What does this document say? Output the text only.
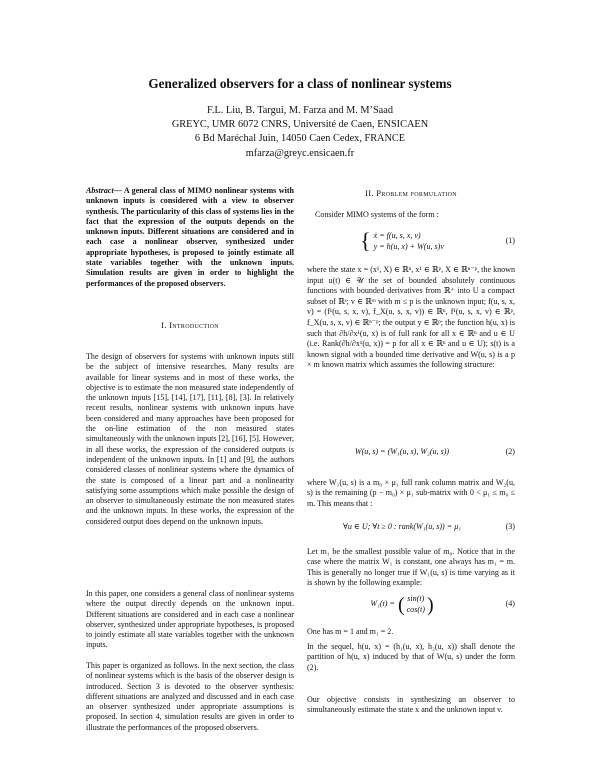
Generalized observers for a class of nonlinear systems
F.L. Liu, B. Targui, M. Farza and M. M’Saad
GREYC, UMR 6072 CNRS, Université de Caen, ENSICAEN
6 Bd Maréchal Juin, 14050 Caen Cedex, FRANCE
mfarza@greyc.ensicaen.fr

Abstract— A general class of MIMO nonlinear systems with unknown inputs is considered with a view to observer synthesis. The particularity of this class of systems lies in the fact that the expression of the outputs depends on the unknown inputs. Different situations are considered and in each case a nonlinear observer, synthesized under appropriate hypotheses, is proposed to jointly estimate all state variables together with the unknown inputs. Simulation results are given in order to highlight the performances of the proposed observers.

I. Introduction

The design of observers for systems with unknown inputs still be the subject of intensive researches. Many results are available for linear systems and in most of these works, the objective is to estimate the non measured state independently of the unknown inputs [15], [14], [17], [11], [8], [3]. In relatively recent results, nonlinear systems with unknown inputs have been considered and many approaches have been proposed for the on-line estimation of the non measured states simultaneously with the unknown inputs [2], [16], [5]. However, in all these works, the expression of the considered outputs is independent of the unknown inputs. In [1] and [9], the authors considered classes of nonlinear systems where the dynamics of the state is composed of a linear part and a nonlinearity satisfying some assumptions which make possible the design of an observer to simultaneously estimate the non measured states and the unknown inputs. In these works, the expression of the considered output does depend on the unknown inputs.

In this paper, one considers a general class of nonlinear systems where the output directly depends on the unknown input. Different situations are considered and in each case a nonlinear observer, synthesized under appropriate hypotheses, is proposed to jointly estimate all state variables together with the unknown inputs.

This paper is organized as follows. In the next section, the class of nonlinear systems which is the basis of the observer design is introduced. Section 3 is devoted to the observer synthesis: different situations are analyzed and discussed and in each case an observer synthesized under appropriate assumptions is proposed. In section 4, simulation results are given in order to illustrate the performances of the proposed observers.

II. Problem formulation

Consider MIMO systems of the form :

{ ẋ = f(u, s, x, v)
y = h(u, x) + W(u, s)v
(1)

where the state x = (x¹, X) ∈ ℝⁿ, x¹ ∈ ℝᵖ, X ∈ ℝⁿ⁻ᵖ, the known input u(t) ∈ 𝒰 the set of bounded absolutely continuous functions with bounded derivatives from ℝ⁺ into U a compact subset of ℝˢ; v ∈ ℝᵐ with m ≤ p is the unknown input; f(u, s, x, v) = (f¹(u, s, x, v), f_X(u, s, x, v)) ∈ ℝⁿ, f¹(u, s, x, v) ∈ ℝᵖ, f_X(u, s, x, v) ∈ ℝⁿ⁻ᵖ; the output y ∈ ℝᵖ; the function h(u, x) is such that ∂h/∂x¹(u, x) is of full rank for all x ∈ ℝⁿ and u ∈ U (i.e. Rank(∂h/∂x¹(u, x)) = p for all x ∈ ℝⁿ and u ∈ U); s(t) is a known signal with a bounded time derivative and W(u, s) is a p × m known matrix which assumes the following structure:

W(u, s) = (W₁(u, s), W₂(u, s))	(2)

where W₁(u, s) is a m₀ × μ₁ full rank column matrix and W₂(u, s) is the remaining (p − m₀) × μ₁ sub-matrix with 0 < μ₁ ≤ m₀ ≤ m. This means that :

∀u ∈ U; ∀t ≥ 0 : rank(W₁(u, s)) = μ₁	(3)

Let m₁ be the smallest possible value of m₀. Notice that in the case where the matrix W₁ is constant, one always has m₁ = m. This is generally no longer true if W₁(u, s) is time varying as it is shown by the following example:

W₁(t) = ( sin(t)
cos(t) )	(4)

One has m = 1 and m₁ = 2.

In the sequel, h(u, x) = (h₁(u, x), h₂(u, x)) shall denote the partition of h(u, x) induced by that of W(u, s) under the form (2).

Our objective consists in synthesizing an observer to simultaneously estimate the state x and the unknown input v.
